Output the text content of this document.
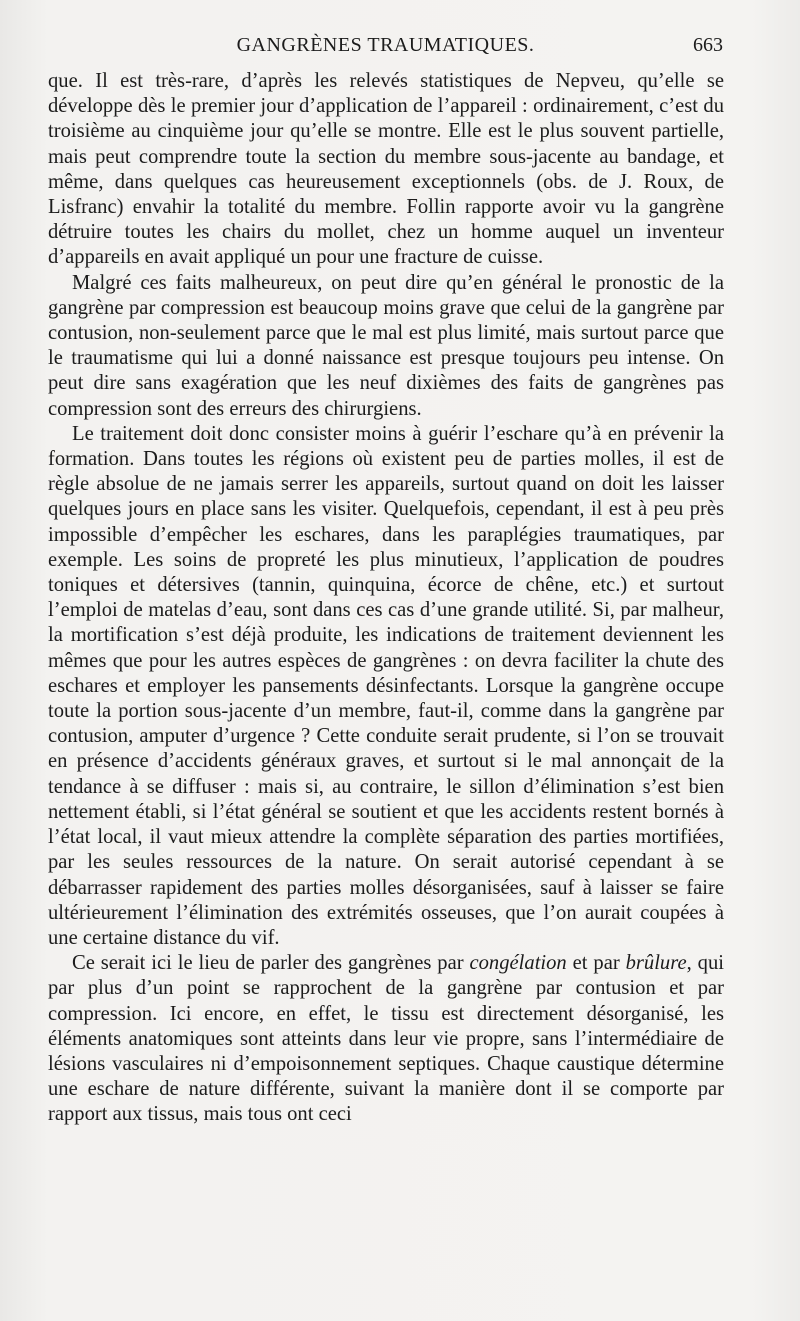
GANGRÈNES TRAUMATIQUES.	663

que. Il est très-rare, d’après les relevés statistiques de Nepveu, qu’elle se développe dès le premier jour d’application de l’appareil : ordinairement, c’est du troisième au cinquième jour qu’elle se montre. Elle est le plus souvent partielle, mais peut comprendre toute la section du membre sous-jacente au bandage, et même, dans quelques cas heureusement exceptionnels (obs. de J. Roux, de Lisfranc) envahir la totalité du membre. Follin rapporte avoir vu la gangrène détruire toutes les chairs du mollet, chez un homme auquel un inventeur d’appareils en avait appliqué un pour une fracture de cuisse.

Malgré ces faits malheureux, on peut dire qu’en général le pronostic de la gangrène par compression est beaucoup moins grave que celui de la gangrène par contusion, non-seulement parce que le mal est plus limité, mais surtout parce que le traumatisme qui lui a donné naissance est presque toujours peu intense. On peut dire sans exagération que les neuf dixièmes des faits de gangrènes pas compression sont des erreurs des chirurgiens.

Le traitement doit donc consister moins à guérir l’eschare qu’à en prévenir la formation. Dans toutes les régions où existent peu de parties molles, il est de règle absolue de ne jamais serrer les appareils, surtout quand on doit les laisser quelques jours en place sans les visiter. Quelquefois, cependant, il est à peu près impossible d’empêcher les eschares, dans les paraplégies traumatiques, par exemple. Les soins de propreté les plus minutieux, l’application de poudres toniques et détersives (tannin, quinquina, écorce de chêne, etc.) et surtout l’emploi de matelas d’eau, sont dans ces cas d’une grande utilité. Si, par malheur, la mortification s’est déjà produite, les indications de traitement deviennent les mêmes que pour les autres espèces de gangrènes : on devra faciliter la chute des eschares et employer les pansements désinfectants. Lorsque la gangrène occupe toute la portion sous-jacente d’un membre, faut-il, comme dans la gangrène par contusion, amputer d’urgence ? Cette conduite serait prudente, si l’on se trouvait en présence d’accidents généraux graves, et surtout si le mal annonçait de la tendance à se diffuser : mais si, au contraire, le sillon d’élimination s’est bien nettement établi, si l’état général se soutient et que les accidents restent bornés à l’état local, il vaut mieux attendre la complète séparation des parties mortifiées, par les seules ressources de la nature. On serait autorisé cependant à se débarrasser rapidement des parties molles désorganisées, sauf à laisser se faire ultérieurement l’élimination des extrémités osseuses, que l’on aurait coupées à une certaine distance du vif.

Ce serait ici le lieu de parler des gangrènes par congélation et par brûlure, qui par plus d’un point se rapprochent de la gangrène par contusion et par compression. Ici encore, en effet, le tissu est directement désorganisé, les éléments anatomiques sont atteints dans leur vie propre, sans l’intermédiaire de lésions vasculaires ni d’empoisonnement septiques. Chaque caustique détermine une eschare de nature différente, suivant la manière dont il se comporte par rapport aux tissus, mais tous ont ceci
